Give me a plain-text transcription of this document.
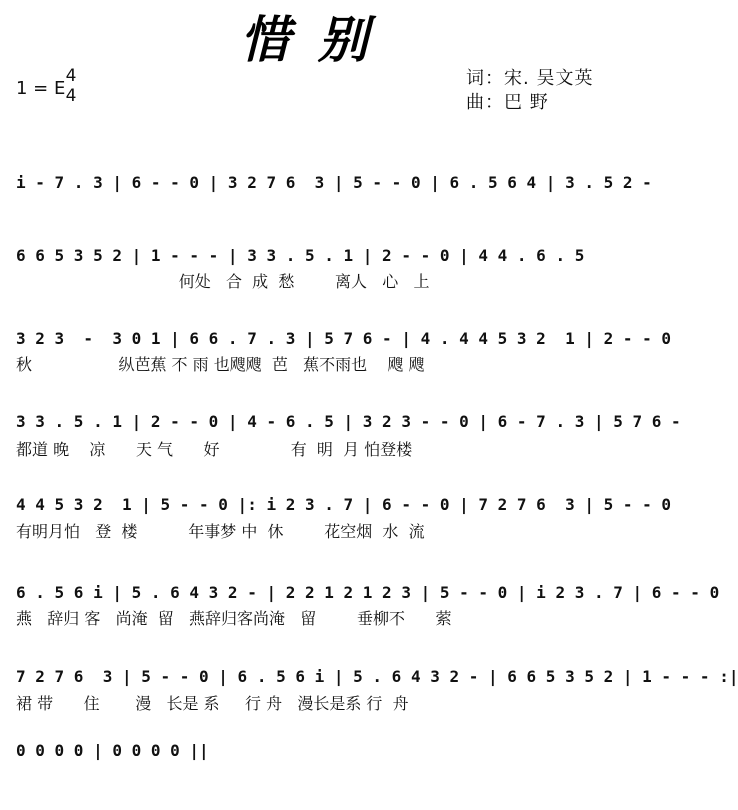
惜别
1 = E
4
4
词：宋. 吴文英
曲：巴 野
i - 7 . 3 | 6 - - 0 | 3 2 7 6  3 | 5 - - 0 | 6 . 5 6 4 | 3 . 5 2 -
6 6 5 3 5 2 | 1 - - - | 3 3 . 5 . 1 | 2 - - 0 | 4 4 . 6 . 5
何处   合  成  愁        离人   心   上
3 2 3  -  3 0 1 | 6 6 . 7 . 3 | 5 7 6 - | 4 . 4 4 5 3 2  1 | 2 - - 0
秋                 纵芭蕉 不 雨 也飕飕  芭   蕉不雨也    飕 飕
3 3 . 5 . 1 | 2 - - 0 | 4 - 6 . 5 | 3 2 3 - - 0 | 6 - 7 . 3 | 5 7 6 -
都道 晚    凉      天 气      好              有  明  月 怕登楼
4 4 5 3 2  1 | 5 - - 0 |: i 2 3 . 7 | 6 - - 0 | 7 2 7 6  3 | 5 - - 0
有明月怕   登  楼          年事梦 中  休        花空烟  水  流
6 . 5 6 i | 5 . 6 4 3 2 - | 2 2 1 2 1 2 3 | 5 - - 0 | i 2 3 . 7 | 6 - - 0
燕   辞归 客   尚淹  留   燕辞归客尚淹   留        垂柳不      萦
7 2 7 6  3 | 5 - - 0 | 6 . 5 6 i | 5 . 6 4 3 2 - | 6 6 5 3 5 2 | 1 - - - :|
裙 带      住       漫   长是 系     行 舟   漫长是系 行  舟
0 0 0 0 | 0 0 0 0 ||
